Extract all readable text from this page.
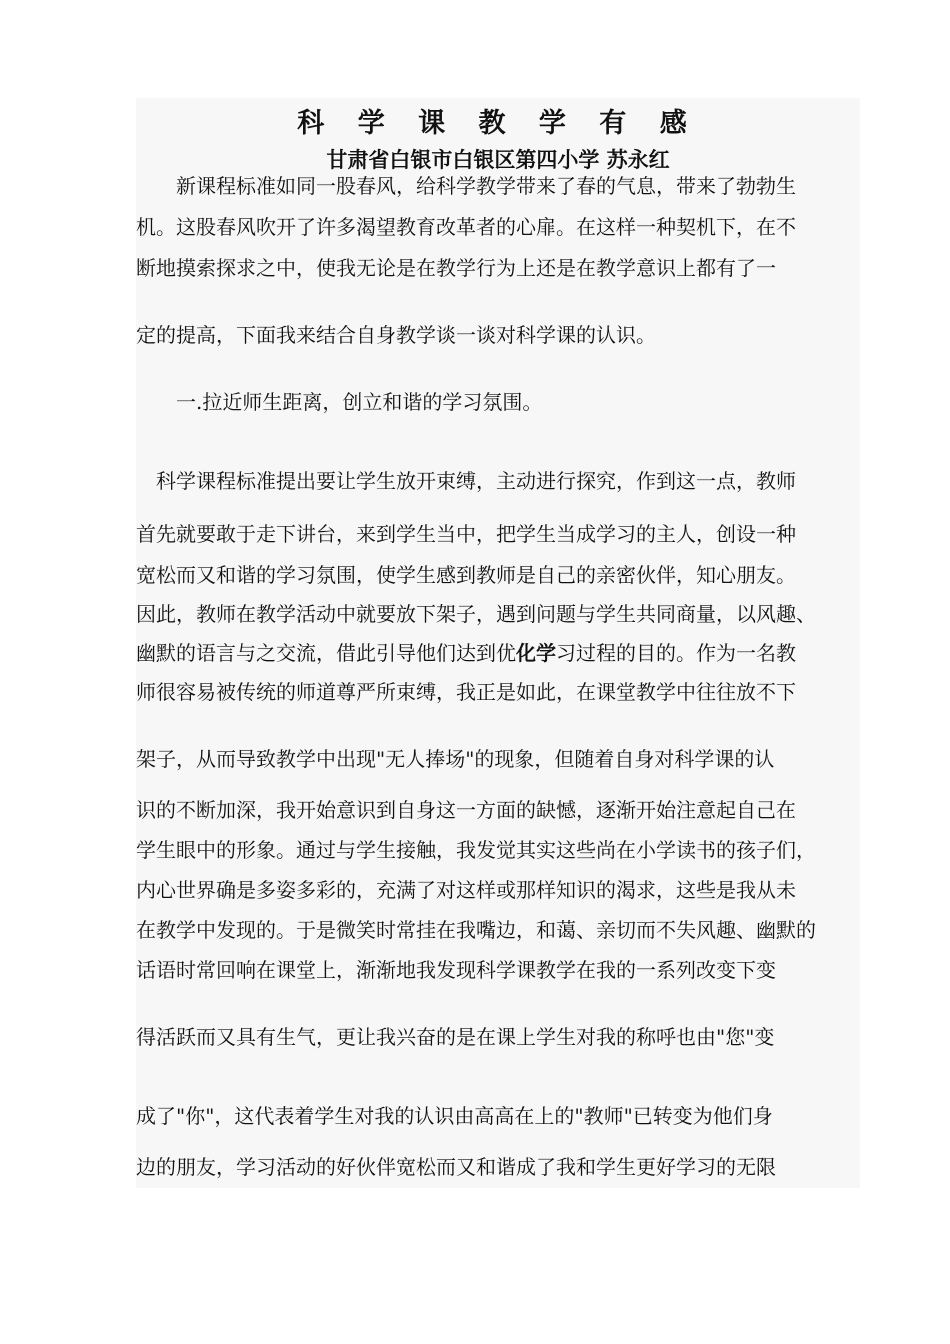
科 学 课 教 学 有 感
甘肃省白银市白银区第四小学 苏永红

　　新课程标准如同一股春风，给科学教学带来了春的气息，带来了勃勃生

机。这股春风吹开了许多渴望教育改革者的心扉。在这样一种契机下，在不

断地摸索探求之中，使我无论是在教学行为上还是在教学意识上都有了一

定的提高，下面我来结合自身教学谈一谈对科学课的认识。

　　一.拉近师生距离，创立和谐的学习氛围。

　科学课程标准提出要让学生放开束缚，主动进行探究，作到这一点，教师

首先就要敢于走下讲台，来到学生当中，把学生当成学习的主人，创设一种

宽松而又和谐的学习氛围，使学生感到教师是自己的亲密伙伴，知心朋友。

因此，教师在教学活动中就要放下架子，遇到问题与学生共同商量，以风趣、

幽默的语言与之交流，借此引导他们达到优化学习过程的目的。作为一名教

师很容易被传统的师道尊严所束缚，我正是如此，在课堂教学中往往放不下

架子，从而导致教学中出现"无人捧场"的现象，但随着自身对科学课的认

识的不断加深，我开始意识到自身这一方面的缺憾，逐渐开始注意起自己在

学生眼中的形象。通过与学生接触，我发觉其实这些尚在小学读书的孩子们，

内心世界确是多姿多彩的，充满了对这样或那样知识的渴求，这些是我从未

在教学中发现的。于是微笑时常挂在我嘴边，和蔼、亲切而不失风趣、幽默的

话语时常回响在课堂上，渐渐地我发现科学课教学在我的一系列改变下变

得活跃而又具有生气，更让我兴奋的是在课上学生对我的称呼也由"您"变

成了"你"，这代表着学生对我的认识由高高在上的"教师"已转变为他们身

边的朋友，学习活动的好伙伴宽松而又和谐成了我和学生更好学习的无限
